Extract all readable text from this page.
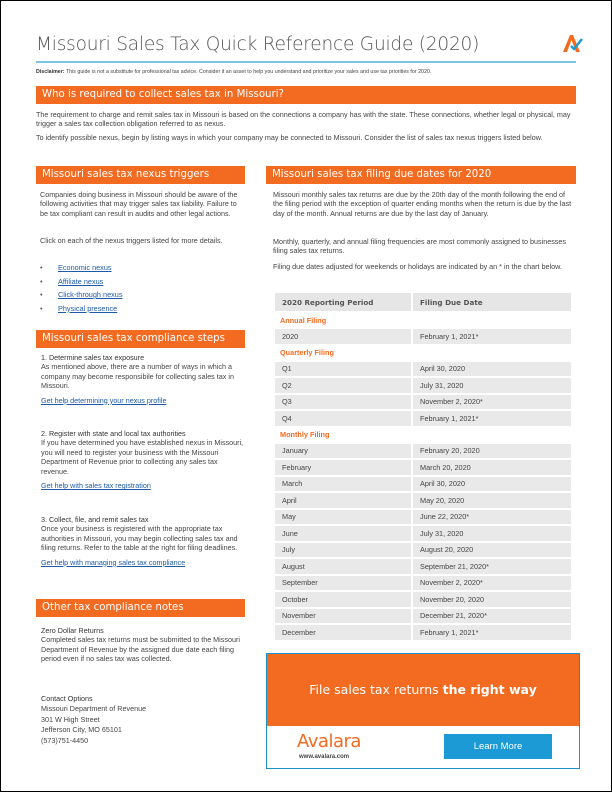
Missouri Sales Tax Quick Reference Guide (2020)
Disclaimer: This guide is not a substitute for professional tax advice. Consider it an asset to help you understand and prioritize your sales and use tax priorities for 2020.
Who is required to collect sales tax in Missouri?
The requirement to charge and remit sales tax in Missouri is based on the connections a company has with the state. These connections, whether legal or physical, may trigger a sales tax collection obligation referred to as nexus.
To identify possible nexus, begin by listing ways in which your company may be connected to Missouri. Consider the list of sales tax nexus triggers listed below.
Missouri sales tax nexus triggers
Companies doing business in Missouri should be aware of the following activities that may trigger sales tax liability. Failure to be tax compliant can result in audits and other legal actions.
Click on each of the nexus triggers listed for more details.
•	Economic nexus
•	Affiliate nexus
•	Click-through nexus
•	Physical presence
Missouri sales tax compliance steps
1. Determine sales tax exposure
As mentioned above, there are a number of ways in which a company may become responsibile for collecting sales tax in Missouri.
Get help determining your nexus profile
2. Register with state and local tax authorities
If you have determined you have established nexus in Missouri, you will need to register your business with the Missouri Department of Revenue prior to collecting any sales tax revenue.
Get help with sales tax registration
3. Collect, file, and remit sales tax
Once your business is registered with the appropriate tax authorities in Missouri, you may begin collecting sales tax and filing returns. Refer to the table at the right for filing deadlines.
Get help with managing sales tax compliance
Other tax compliance notes
Zero Dollar Returns
Completed sales tax returns must be submitted to the Missouri Department of Revenue by the assigned due date each filing period even if no sales tax was collected.
Contact Options
Missouri Department of Revenue
301 W High Street
Jefferson City, MO 65101
(573)751-4450
Missouri sales tax filing due dates for 2020
Missouri monthly sales tax returns are due by the 20th day of the month following the end of the filing period with the exception of quarter ending months when the return is due by the last day of the month. Annual returns are due by the last day of January.
Monthly, quarterly, and annual filing frequencies are most commonly assigned to businesses filing sales tax returns.
Filing due dates adjusted for weekends or holidays are indicated by an * in the chart below.
2020 Reporting Period	Filing Due Date
Annual Filing	
2020	February 1, 2021*
Quarterly Filing	
Q1	April 30, 2020
Q2	July 31, 2020
Q3	November 2, 2020*
Q4	February 1, 2021*
Monthly Filing	
January	February 20, 2020
February	March 20, 2020
March	April 30, 2020
April	May 20, 2020
May	June 22, 2020*
June	July 31, 2020
July	August 20, 2020
August	September 21, 2020*
September	November 2, 2020*
October	November 20, 2020
November	December 21, 2020*
December	February 1, 2021*
File sales tax returns the right way
Avalara
www.avalara.com
Learn More
